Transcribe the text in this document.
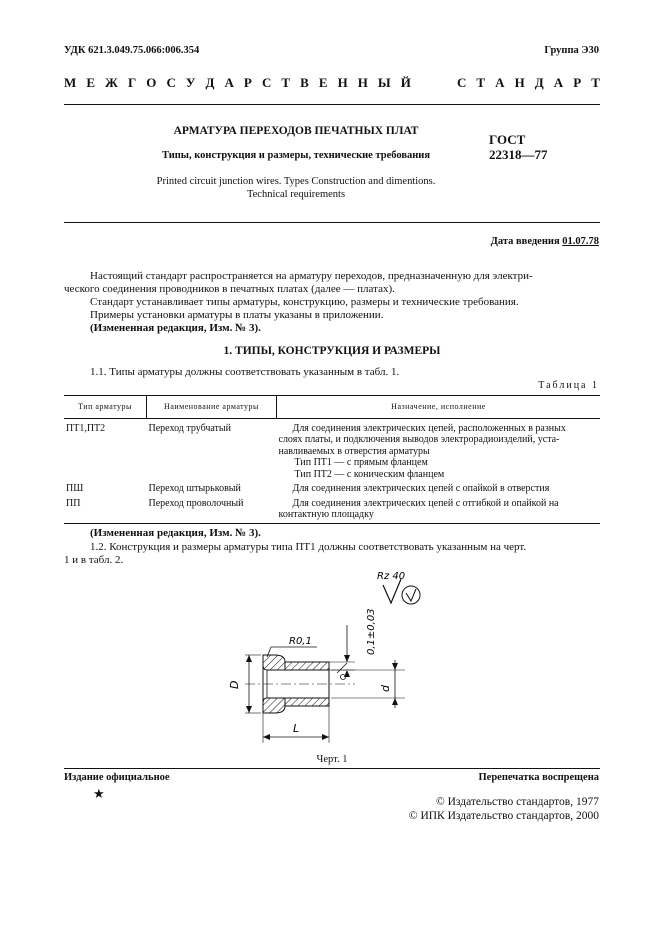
УДК 621.3.049.75.066:006.354	Группа Э30
М Е Ж Г О С У Д А Р С Т В Е Н Н Ы Й	С Т А Н Д А Р Т
АРМАТУРА ПЕРЕХОДОВ ПЕЧАТНЫХ ПЛАТ
Типы, конструкция и размеры, технические требования
Printed circuit junction wires. Types Construction and dimentions.
Technical requirements
ГОСТ
22318—77
Дата введения 01.07.78
Настоящий стандарт распространяется на арматуру переходов, предназначенную для электри-
ческого соединения проводников в печатных платах (далее — платах).
Стандарт устанавливает типы арматуры, конструкцию, размеры и технические требования.
Примеры установки арматуры в платы указаны в приложении.
(Измененная редакция, Изм. № 3).
1. ТИПЫ, КОНСТРУКЦИЯ И РАЗМЕРЫ
1.1. Типы арматуры должны соответствовать указанным в табл. 1.
Таблица 1
Тип арматуры	Наименование арматуры	Назначение, исполнение
ПТ1,ПТ2	Переход трубчатый	Для соединения электрических цепей, расположенных в разных
слоях платы, и подключения выводов электрорадиоизделий, уста-
навливаемых в отверстия арматуры
Тип ПТ1 — с прямым фланцем
Тип ПТ2 — с коническим фланцем

ПШ	Переход штырьковый	Для соединения электрических цепей с опайкой в отверстия

ПП	Переход проволочный	Для соединения электрических цепей с отгибкой и опайкой на
контактную площадку
(Измененная редакция, Изм. № 3).
1.2. Конструкция и размеры арматуры типа ПТ1 должны соответствовать указанным на черт.
1 и в табл. 2.
Rz 40
R0,1	0,1±0,03
D	d
L
Черт. 1
Издание официальное
★
Перепечатка воспрещена
© Издательство стандартов, 1977
© ИПК Издательство стандартов, 2000
